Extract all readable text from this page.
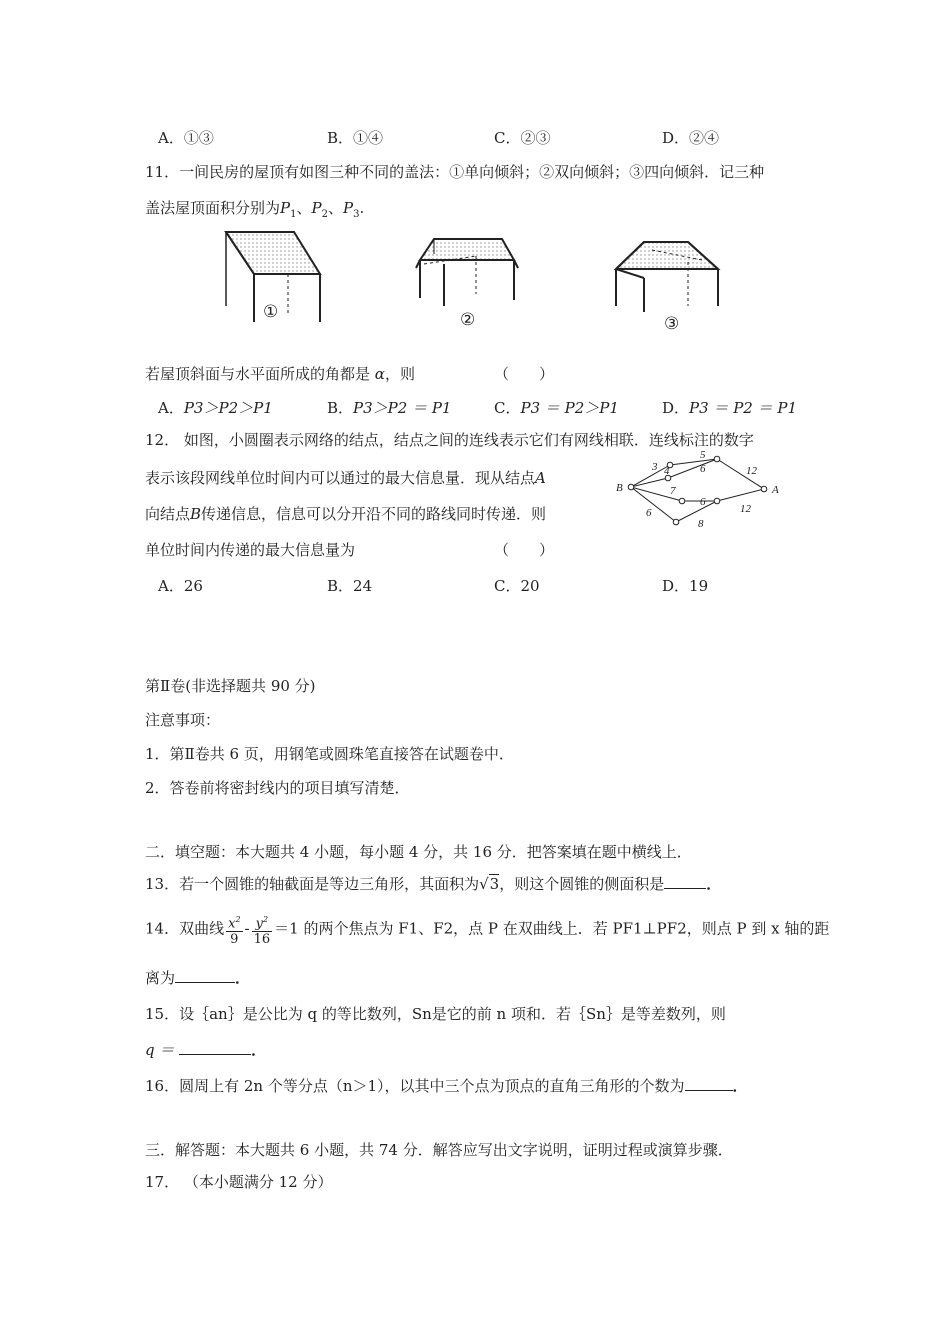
A．①③	B．①④	C．②③	D．②④
11．一间民房的屋顶有如图三种不同的盖法：①单向倾斜；②双向倾斜；③四向倾斜．记三种
盖法屋顶面积分别为$P_1$、$P_2$、$P_3$.
①	②	③
若屋顶斜面与水平面所成的角都是 α，则	（　　）
A．P3＞P2＞P1	B．P3＞P2 ＝ P1	C．P3 ＝ P2＞P1	D．P3 ＝ P2 ＝ P1
12． 如图，小圆圈表示网络的结点，结点之间的连线表示它们有网线相联．连线标注的数字
表示该段网线单位时间内可以通过的最大信息量．现从结点A
向结点B传递信息，信息可以分开沿不同的路线同时传递．则
单位时间内传递的最大信息量为	（　　）
B	A
3
5
4	6	12
7
6
6
8
12
A．26	B．24	C．20	D．19
第Ⅱ卷(非选择题共 90 分)
注意事项：
1．第Ⅱ卷共 6 页，用钢笔或圆珠笔直接答在试题卷中．
2．答卷前将密封线内的项目填写清楚．
二．填空题：本大题共 4 小题，每小题 4 分，共 16 分．把答案填在题中横线上．
13．若一个圆锥的轴截面是等边三角形，其面积为√3，则这个圆锥的侧面积是	．
14．双曲线 $\frac{x^2}{9} - \frac{y^2}{16} =1$ 的两个焦点为 F1、F2，点 P 在双曲线上．若 PF1⊥PF2，则点 P 到 x 轴的距
离为	．
15．设｛an｝是公比为 q 的等比数列，Sn是它的前 n 项和．若｛Sn｝是等差数列，则
q ＝	．
16．圆周上有 2n 个等分点（n＞1），以其中三个点为顶点的直角三角形的个数为	．
三．解答题：本大题共 6 小题，共 74 分．解答应写出文字说明，证明过程或演算步骤．
17． （本小题满分 12 分）
